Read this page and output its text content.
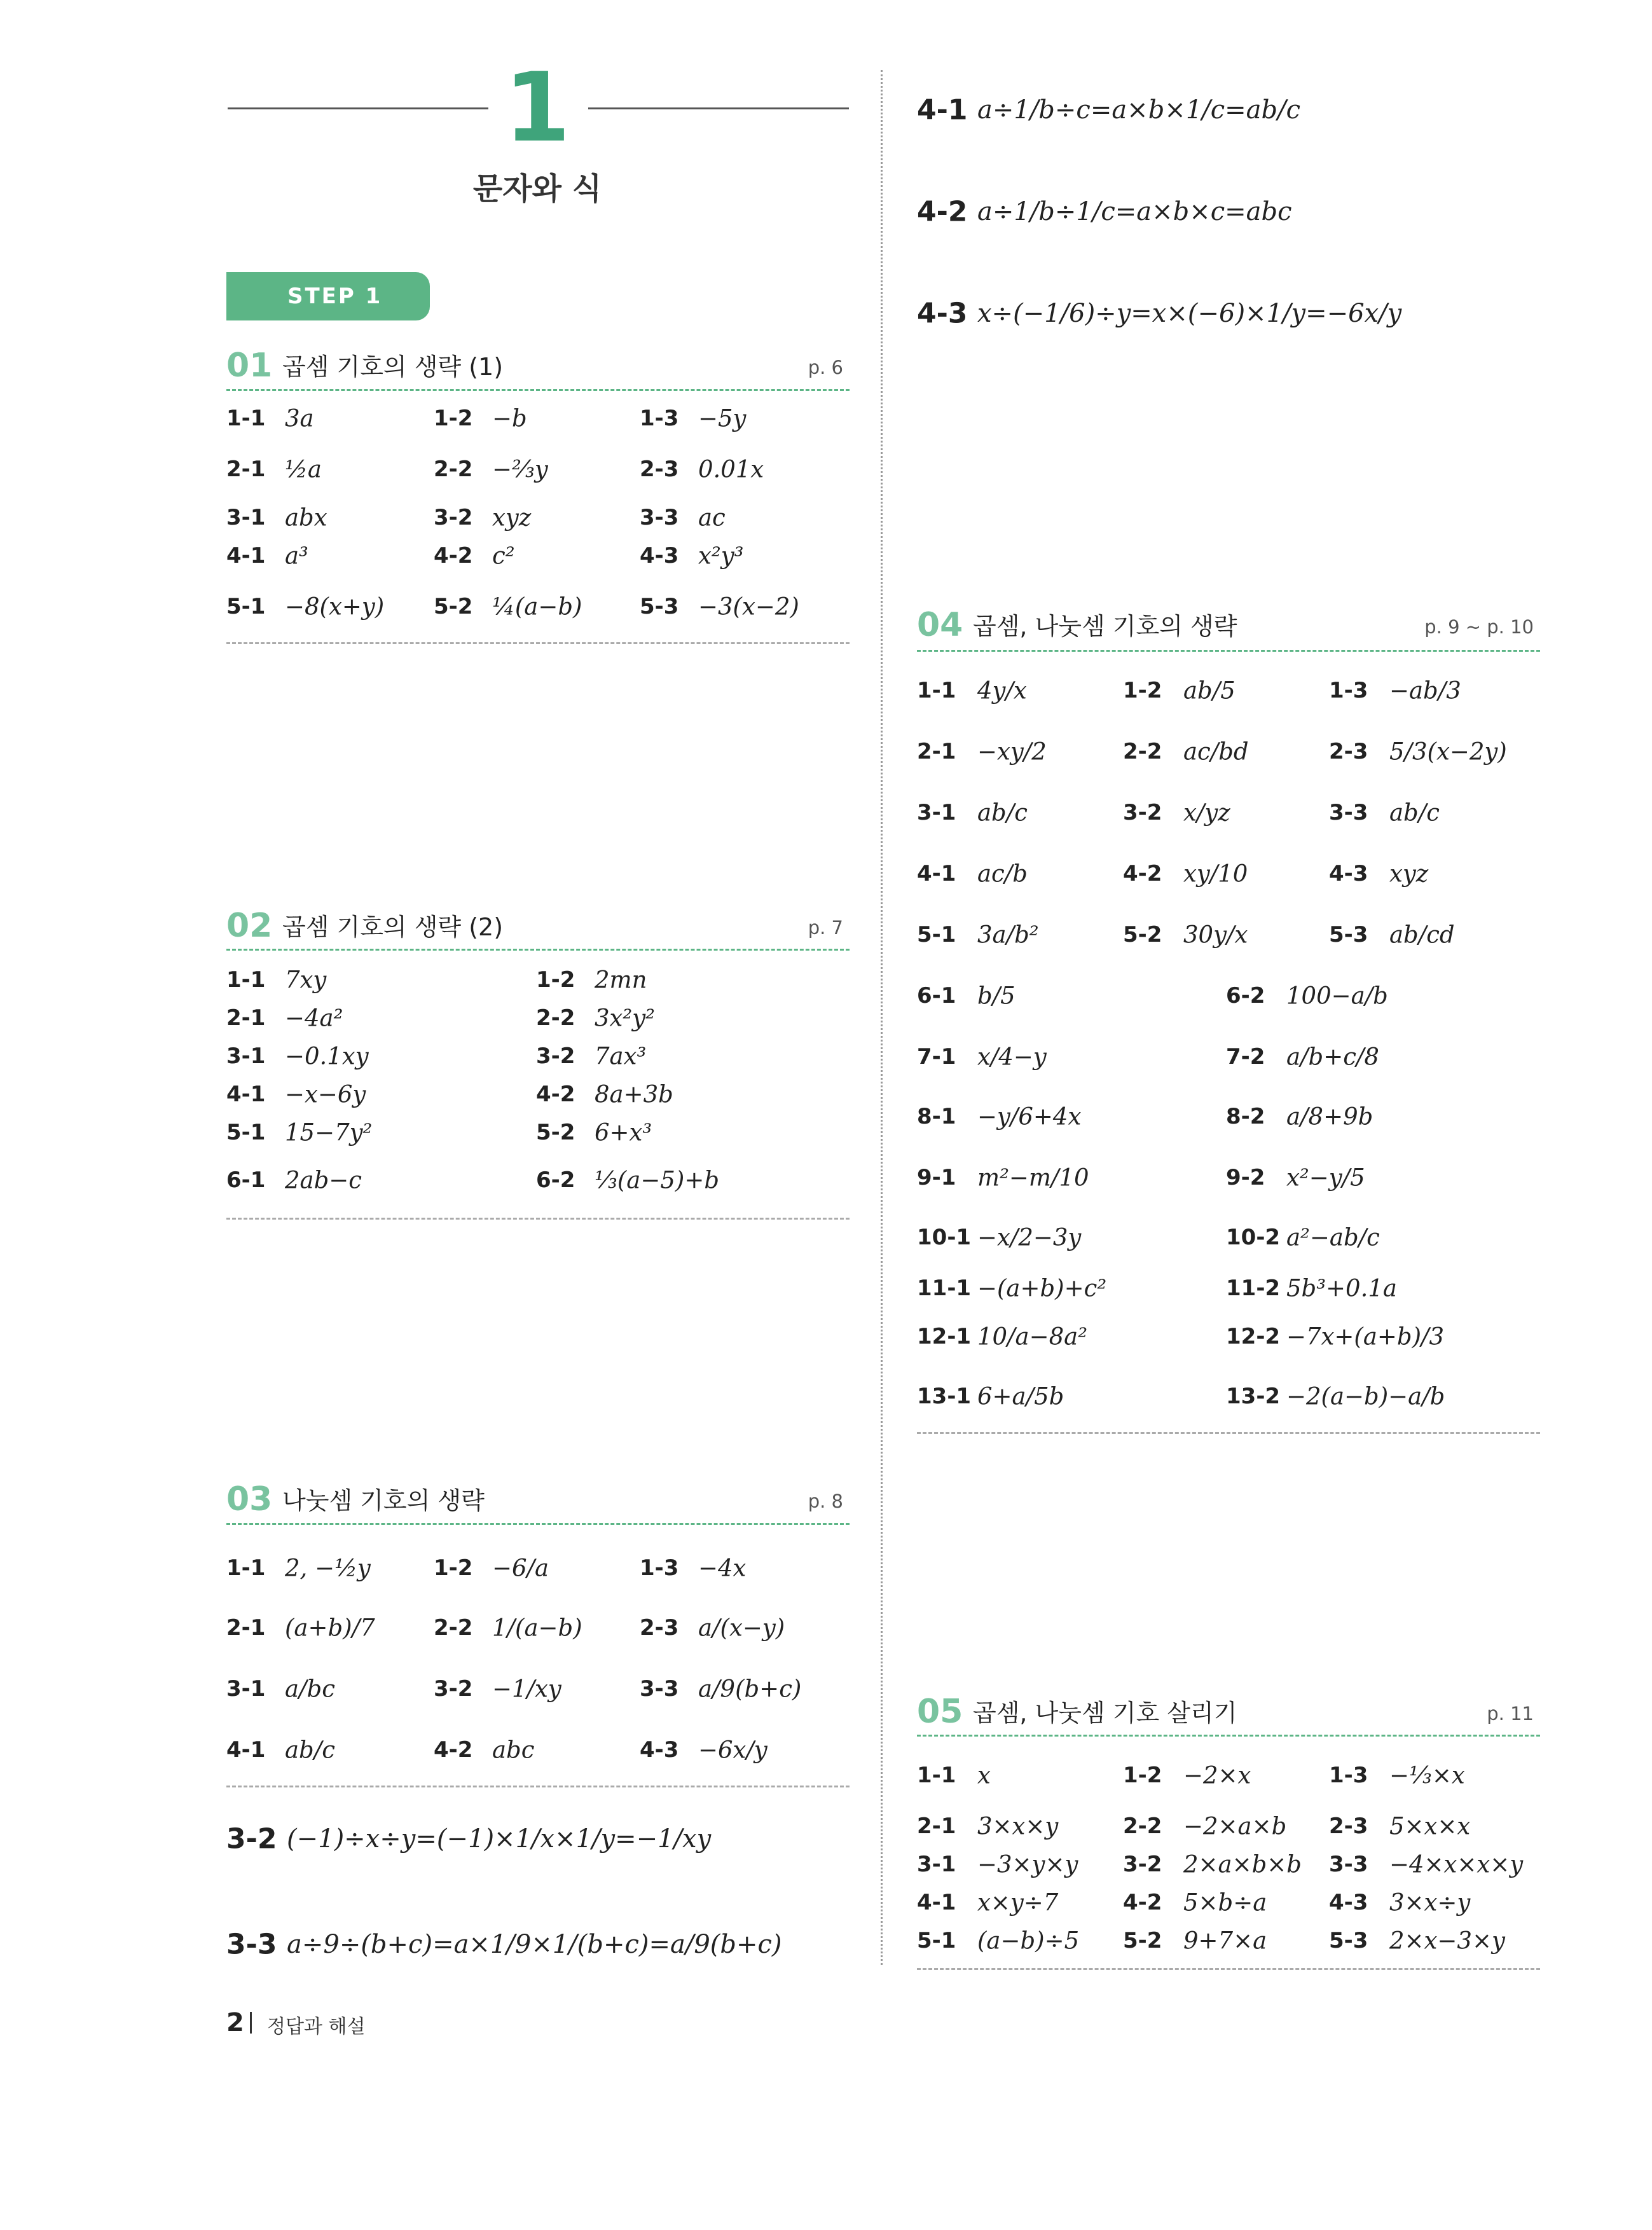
1
문자와 식
STEP 1
01 곱셈 기호의 생략 (1)	p. 6
1-1 3a	1-2 −b	1-3 −5y
2-1 ½a	2-2 −⅔y	2-3 0.01x
3-1 abx	3-2 xyz	3-3 ac
4-1 a³	4-2 c²	4-3 x²y³
5-1 −8(x+y) 5-2 ¼(a−b)	5-3 −3(x−2)
02 곱셈 기호의 생략 (2)	p. 7
1-1 7xy	1-2 2mn
2-1 −4a²	2-2 3x²y²
3-1 −0.1xy	3-2 7ax³
4-1 −x−6y	4-2 8a+3b
5-1 15−7y²	5-2 6+x³
6-1 2ab−c	6-2 ⅓(a−5)+b
03 나눗셈 기호의 생략	p. 8
1-1 2, −½y	1-2 −6/a	1-3 −4x
2-1 (a+b)/7	2-2 1/(a−b)	2-3 a/(x−y)
3-1 a/bc	3-2 −1/xy	3-3 a/9(b+c)
4-1 ab/c	4-2 abc	4-3 −6x/y
3-2 (−1)÷x÷y=(−1)×1/x×1/y=−1/xy
3-3 a÷9÷(b+c)=a×1/9×1/(b+c)=a/9(b+c)
4-1 a÷1/b÷c=a×b×1/c=ab/c
4-2 a÷1/b÷1/c=a×b×c=abc
4-3 x÷(−1/6)÷y=x×(−6)×1/y=−6x/y
04 곱셈, 나눗셈 기호의 생략	p. 9 ~ p. 10
1-1 4y/x	1-2 ab/5	1-3 −ab/3
2-1 −xy/2	2-2 ac/bd	2-3 5/3(x−2y)
3-1 ab/c	3-2 x/yz	3-3 ab/c
4-1 ac/b	4-2 xy/10	4-3 xyz
5-1 3a/b²	5-2 30y/x	5-3 ab/cd
6-1 b/5	6-2 100−a/b
7-1 x/4−y	7-2 a/b+c/8
8-1 −y/6+4x	8-2 a/8+9b
9-1 m²−m/10	9-2 x²−y/5
10-1 −x/2−3y	10-2 a²−ab/c
11-1 −(a+b)+c²	11-2 5b³+0.1a
12-1 10/a−8a²	12-2 −7x+(a+b)/3
13-1 6+a/5b	13-2 −2(a−b)−a/b
05 곱셈, 나눗셈 기호 살리기	p. 11
1-1 x	1-2 −2×x	1-3 −⅓×x
2-1 3×x×y	2-2 −2×a×b 2-3 5×x×x
3-1 −3×y×y 3-2 2×a×b×b 3-3 −4×x×x×y
4-1 x×y÷7	4-2 5×b÷a	4-3 3×x÷y
5-1 (a−b)÷5 5-2 9+7×a	5-3 2×x−3×y
2 정답과 해설
